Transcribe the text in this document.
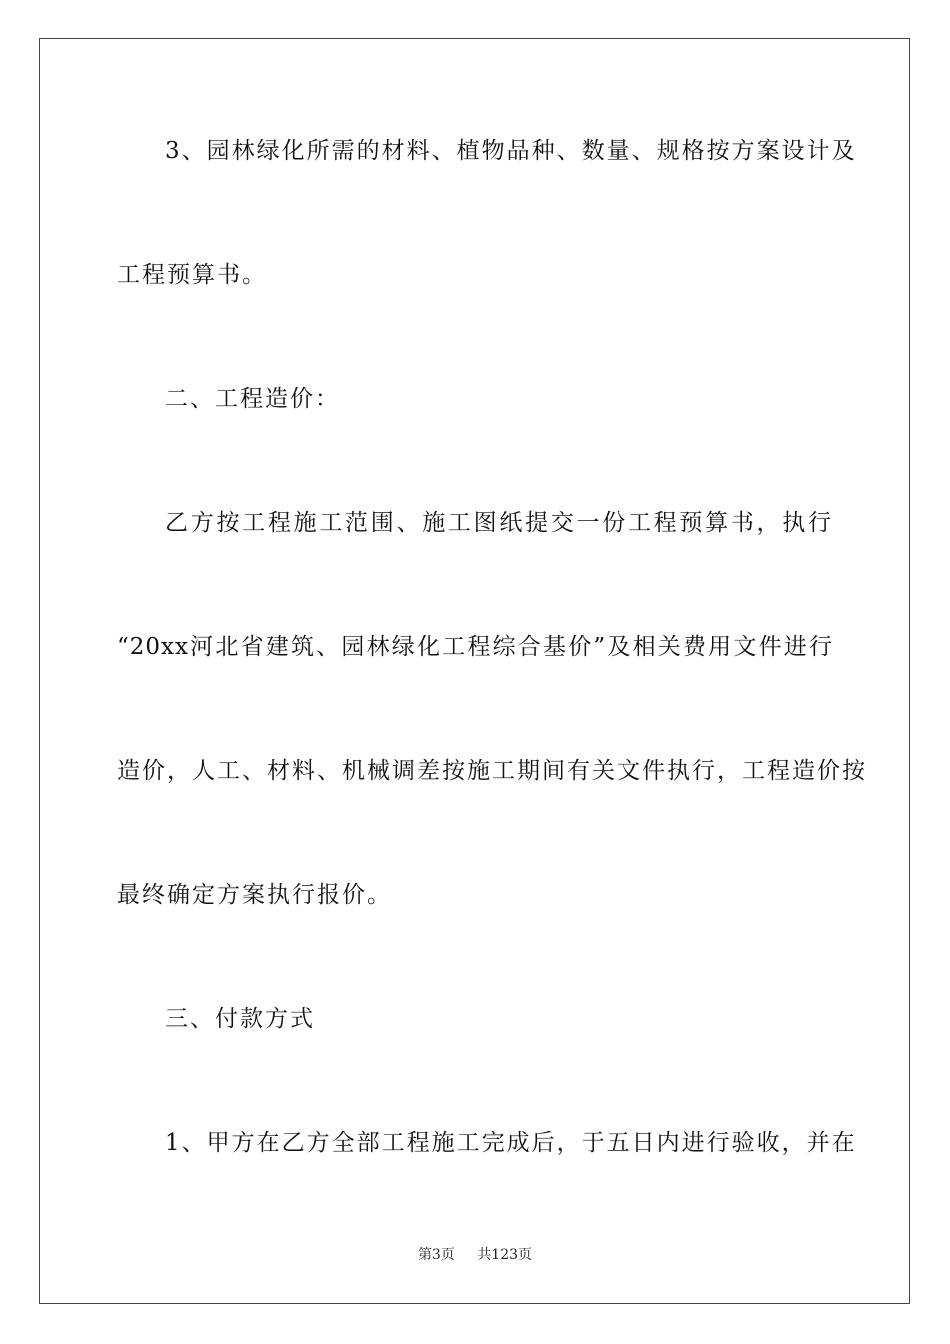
3、园林绿化所需的材料、植物品种、数量、规格按方案设计及
工程预算书。
二、工程造价：
乙方按工程施工范围、施工图纸提交一份工程预算书，执行
“20xx河北省建筑、园林绿化工程综合基价”及相关费用文件进行
造价，人工、材料、机械调差按施工期间有关文件执行，工程造价按
最终确定方案执行报价。
三、付款方式
1、甲方在乙方全部工程施工完成后，于五日内进行验收，并在
第3页 共123页
